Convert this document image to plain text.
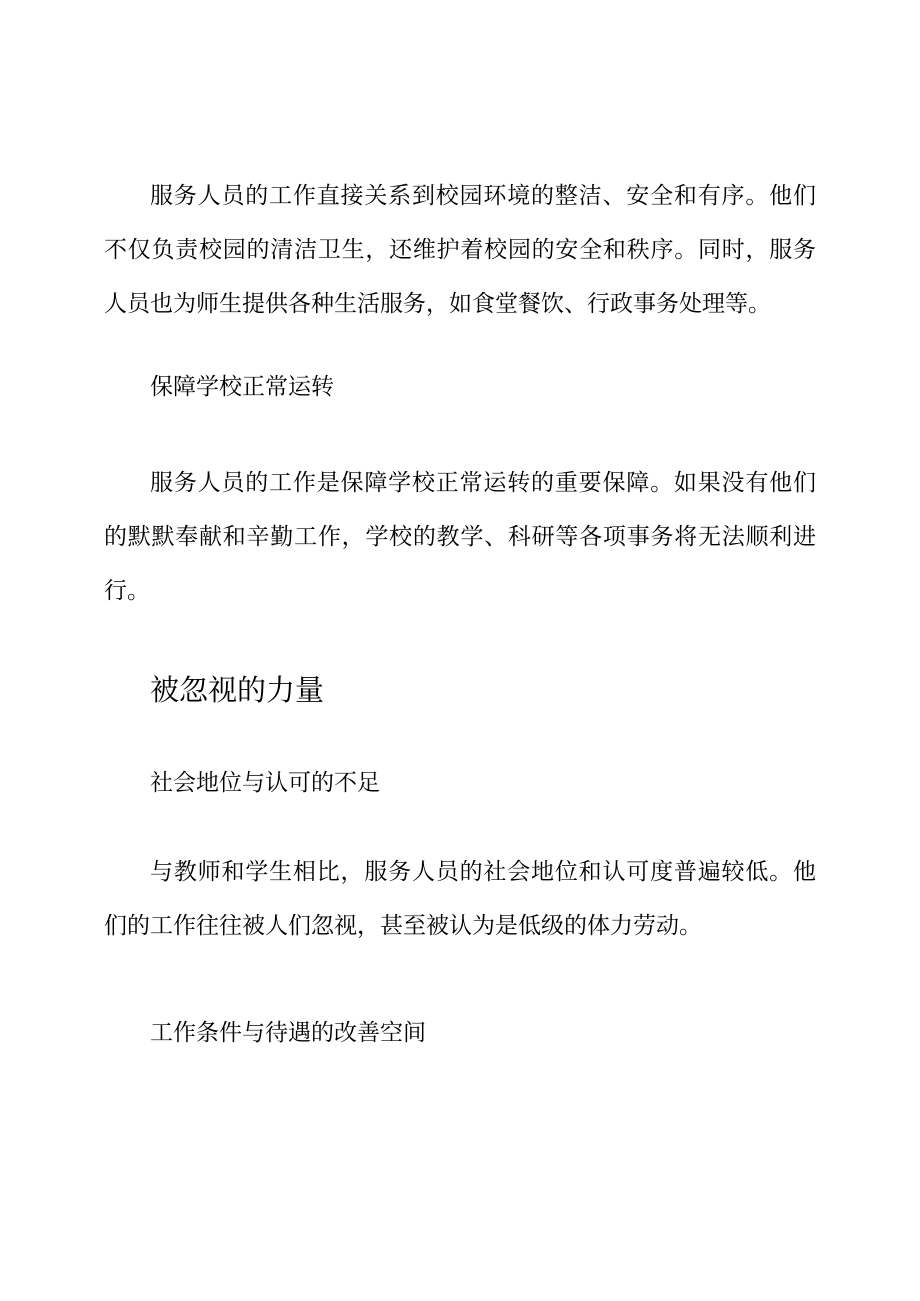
服务人员的工作直接关系到校园环境的整洁、安全和有序。他们不仅负责校园的清洁卫生，还维护着校园的安全和秩序。同时，服务人员也为师生提供各种生活服务，如食堂餐饮、行政事务处理等。

保障学校正常运转

服务人员的工作是保障学校正常运转的重要保障。如果没有他们的默默奉献和辛勤工作，学校的教学、科研等各项事务将无法顺利进行。

被忽视的力量
社会地位与认可的不足

与教师和学生相比，服务人员的社会地位和认可度普遍较低。他们的工作往往被人们忽视，甚至被认为是低级的体力劳动。

工作条件与待遇的改善空间
